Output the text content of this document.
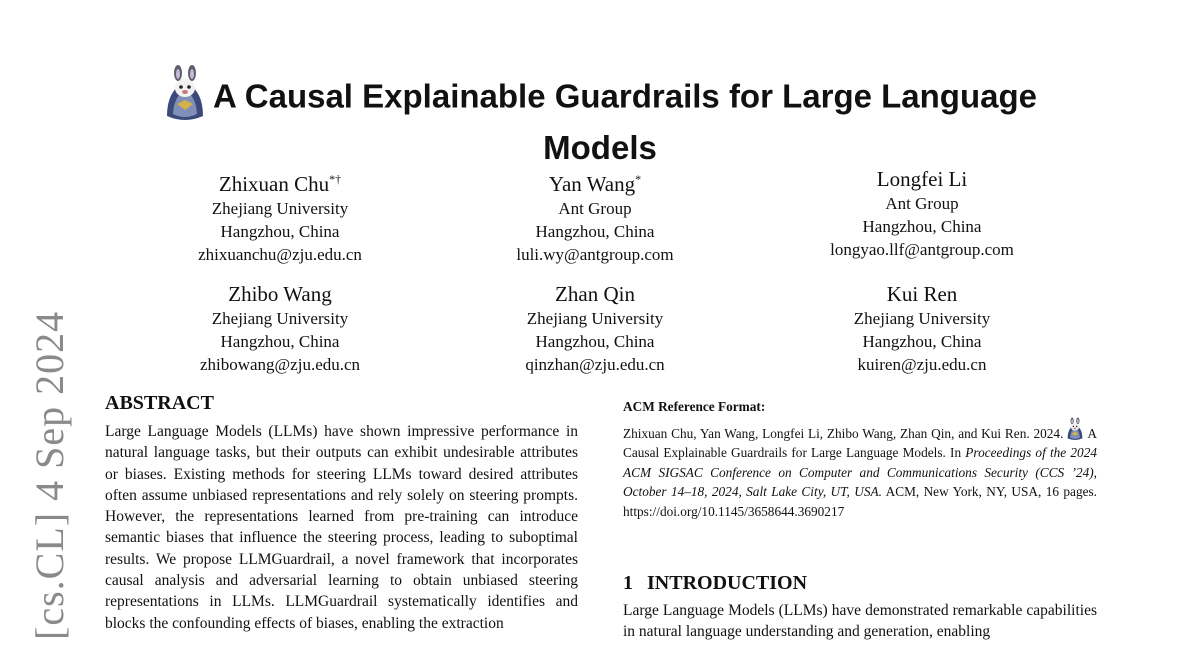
[cs.CL] 4 Sep 2024
A Causal Explainable Guardrails for Large Language Models
Zhixuan Chu*†
Zhejiang University
Hangzhou, China
zhixuanchu@zju.edu.cn
Yan Wang*
Ant Group
Hangzhou, China
luli.wy@antgroup.com
Longfei Li
Ant Group
Hangzhou, China
longyao.llf@antgroup.com
Zhibo Wang
Zhejiang University
Hangzhou, China
zhibowang@zju.edu.cn
Zhan Qin
Zhejiang University
Hangzhou, China
qinzhan@zju.edu.cn
Kui Ren
Zhejiang University
Hangzhou, China
kuiren@zju.edu.cn
ABSTRACT

Large Language Models (LLMs) have shown impressive performance in natural language tasks, but their outputs can exhibit undesirable attributes or biases. Existing methods for steering LLMs toward desired attributes often assume unbiased representations and rely solely on steering prompts. However, the representations learned from pre-training can introduce semantic biases that influence the steering process, leading to suboptimal results. We propose LLMGuardrail, a novel framework that incorporates causal analysis and adversarial learning to obtain unbiased steering representations in LLMs. LLMGuardrail systematically identifies and blocks the confounding effects of biases, enabling the extraction

ACM Reference Format:
Zhixuan Chu, Yan Wang, Longfei Li, Zhibo Wang, Zhan Qin, and Kui Ren. 2024. A Causal Explainable Guardrails for Large Language Models. In Proceedings of the 2024 ACM SIGSAC Conference on Computer and Communications Security (CCS ’24), October 14–18, 2024, Salt Lake City, UT, USA. ACM, New York, NY, USA, 16 pages. https://doi.org/10.1145/3658644.3690217
1 INTRODUCTION

Large Language Models (LLMs) have demonstrated remarkable capabilities in natural language understanding and generation, enabling
